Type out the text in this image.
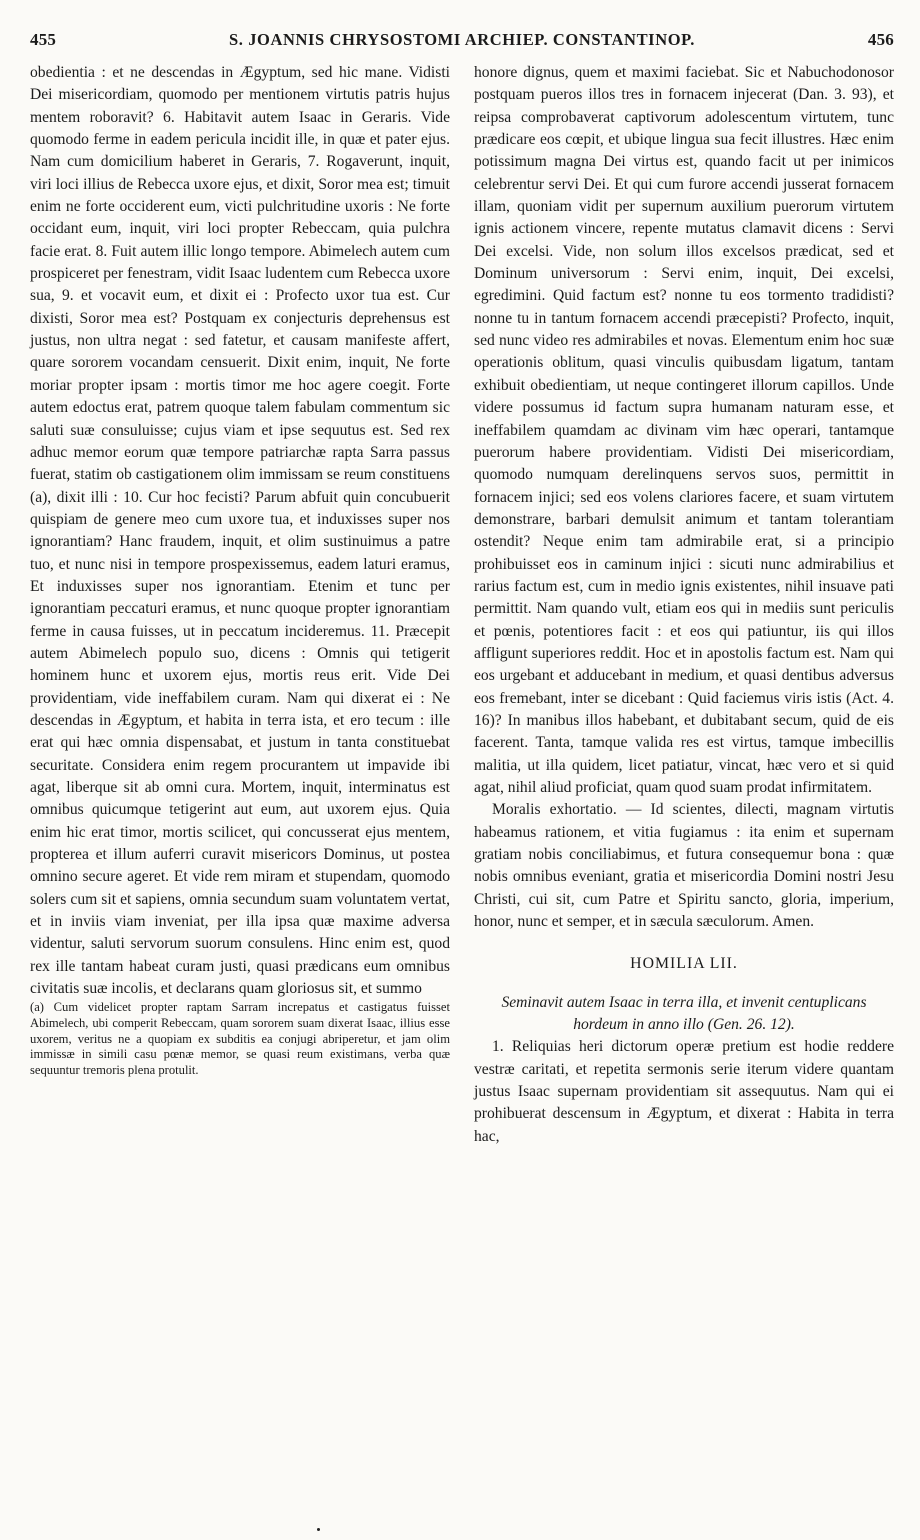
455	S. JOANNIS CHRYSOSTOMI ARCHIEP. CONSTANTINOP.	456

obedientia : et ne descendas in Ægyptum, sed hic mane. Vidisti Dei misericordiam, quomodo per mentionem virtutis patris hujus mentem roboravit? 6. Habitavit autem Isaac in Geraris. Vide quomodo ferme in eadem pericula incidit ille, in quæ et pater ejus. Nam cum domicilium haberet in Geraris, 7. Rogaverunt, inquit, viri loci illius de Rebecca uxore ejus, et dixit, Soror mea est; timuit enim ne forte occiderent eum, victi pulchritudine uxoris : Ne forte occidant eum, inquit, viri loci propter Rebeccam, quia pulchra facie erat. 8. Fuit autem illic longo tempore. Abimelech autem cum prospiceret per fenestram, vidit Isaac ludentem cum Rebecca uxore sua, 9. et vocavit eum, et dixit ei : Profecto uxor tua est. Cur dixisti, Soror mea est? Postquam ex conjecturis deprehensus est justus, non ultra negat : sed fatetur, et causam manifeste affert, quare sororem vocandam censuerit. Dixit enim, inquit, Ne forte moriar propter ipsam : mortis timor me hoc agere coegit. Forte autem edoctus erat, patrem quoque talem fabulam commentum sic saluti suæ consuluisse; cujus viam et ipse sequutus est. Sed rex adhuc memor eorum quæ tempore patriarchæ rapta Sarra passus fuerat, statim ob castigationem olim immissam se reum constituens (a), dixit illi : 10. Cur hoc fecisti? Parum abfuit quin concubuerit quispiam de genere meo cum uxore tua, et induxisses super nos ignorantiam? Hanc fraudem, inquit, et olim sustinuimus a patre tuo, et nunc nisi in tempore prospexissemus, eadem laturi eramus, Et induxisses super nos ignorantiam. Etenim et tunc per ignorantiam peccaturi eramus, et nunc quoque propter ignorantiam ferme in causa fuisses, ut in peccatum incideremus. 11. Præcepit autem Abimelech populo suo, dicens : Omnis qui tetigerit hominem hunc et uxorem ejus, mortis reus erit. Vide Dei providentiam, vide ineffabilem curam. Nam qui dixerat ei : Ne descendas in Ægyptum, et habita in terra ista, et ero tecum : ille erat qui hæc omnia dispensabat, et justum in tanta constituebat securitate. Considera enim regem procurantem ut impavide ibi agat, liberque sit ab omni cura. Mortem, inquit, interminatus est omnibus quicumque tetigerint aut eum, aut uxorem ejus. Quia enim hic erat timor, mortis scilicet, qui concusserat ejus mentem, propterea et illum auferri curavit misericors Dominus, ut postea omnino secure ageret. Et vide rem miram et stupendam, quomodo solers cum sit et sapiens, omnia secundum suam voluntatem vertat, et in inviis viam inveniat, per illa ipsa quæ maxime adversa videntur, saluti servorum suorum consulens. Hinc enim est, quod rex ille tantam habeat curam justi, quasi prædicans eum omnibus civitatis suæ incolis, et declarans quam gloriosus sit, et summo

(a) Cum videlicet propter raptam Sarram increpatus et castigatus fuisset Abimelech, ubi comperit Rebeccam, quam sororem suam dixerat Isaac, illius esse uxorem, veritus ne a quopiam ex subditis ea conjugi abriperetur, et jam olim immissæ in simili casu pœnæ memor, se quasi reum existimans, verba quæ sequuntur tremoris plena protulit.

honore dignus, quem et maximi faciebat. Sic et Nabuchodonosor postquam pueros illos tres in fornacem injecerat (Dan. 3. 93), et reipsa comprobaverat captivorum adolescentum virtutem, tunc prædicare eos cœpit, et ubique lingua sua fecit illustres. Hæc enim potissimum magna Dei virtus est, quando facit ut per inimicos celebrentur servi Dei. Et qui cum furore accendi jusserat fornacem illam, quoniam vidit per supernum auxilium puerorum virtutem ignis actionem vincere, repente mutatus clamavit dicens : Servi Dei excelsi. Vide, non solum illos excelsos prædicat, sed et Dominum universorum : Servi enim, inquit, Dei excelsi, egredimini. Quid factum est? nonne tu eos tormento tradidisti? nonne tu in tantum fornacem accendi præcepisti? Profecto, inquit, sed nunc video res admirabiles et novas. Elementum enim hoc suæ operationis oblitum, quasi vinculis quibusdam ligatum, tantam exhibuit obedientiam, ut neque contingeret illorum capillos. Unde videre possumus id factum supra humanam naturam esse, et ineffabilem quamdam ac divinam vim hæc operari, tantamque puerorum habere providentiam. Vidisti Dei misericordiam, quomodo numquam derelinquens servos suos, permittit in fornacem injici; sed eos volens clariores facere, et suam virtutem demonstrare, barbari demulsit animum et tantam tolerantiam ostendit? Neque enim tam admirabile erat, si a principio prohibuisset eos in caminum injici : sicuti nunc admirabilius et rarius factum est, cum in medio ignis existentes, nihil insuave pati permittit. Nam quando vult, etiam eos qui in mediis sunt periculis et pœnis, potentiores facit : et eos qui patiuntur, iis qui illos affligunt superiores reddit. Hoc et in apostolis factum est. Nam qui eos urgebant et adducebant in medium, et quasi dentibus adversus eos fremebant, inter se dicebant : Quid faciemus viris istis (Act. 4. 16)? In manibus illos habebant, et dubitabant secum, quid de eis facerent. Tanta, tamque valida res est virtus, tamque imbecillis malitia, ut illa quidem, licet patiatur, vincat, hæc vero et si quid agat, nihil aliud proficiat, quam quod suam prodat infirmitatem.

Moralis exhortatio. — Id scientes, dilecti, magnam virtutis habeamus rationem, et vitia fugiamus : ita enim et supernam gratiam nobis conciliabimus, et futura consequemur bona : quæ nobis omnibus eveniant, gratia et misericordia Domini nostri Jesu Christi, cui sit, cum Patre et Spiritu sancto, gloria, imperium, honor, nunc et semper, et in sæcula sæculorum. Amen.

HOMILIA LII.

Seminavit autem Isaac in terra illa, et invenit centuplicans hordeum in anno illo (Gen. 26. 12).

1. Reliquias heri dictorum operæ pretium est hodie reddere vestræ caritati, et repetita sermonis serie iterum videre quantam justus Isaac supernam providentiam sit assequutus. Nam qui ei prohibuerat descensum in Ægyptum, et dixerat : Habita in terra hac,
